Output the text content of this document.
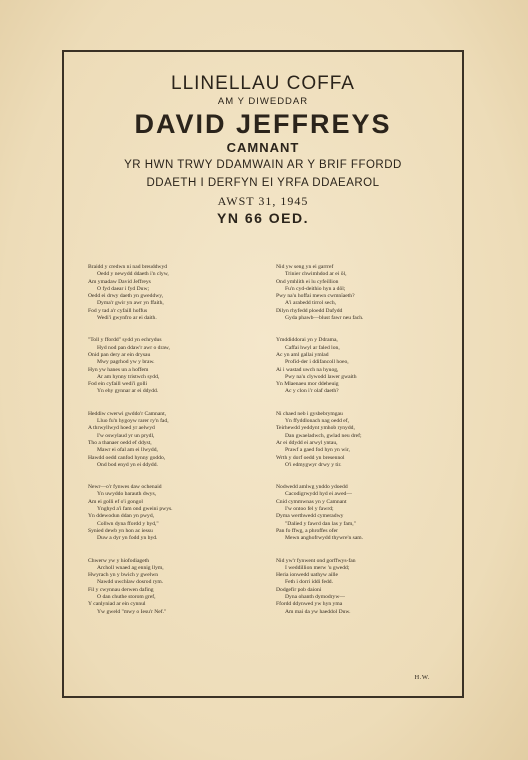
LLINELLAU COFFA
AM Y DIWEDDAR
DAVID JEFFREYS
CAMNANT
YR HWN TRWY DDAMWAIN AR Y BRIF FFORDD
DDAETH I DERFYN EI YRFA DDAEAROL
AWST 31, 1945
YN 66 OED.
Braidd y credwn ni nad breuddwyd
Oedd y newydd ddaeth i'n clyw,
Am ymadaw David Jeffreys
O fyd daear i fyd Duw;
Oedd ei drwy daeth yn gweddwy,
Dyma'r gwir yn awr yn ffaith,
Fod y tad a'r cyfaill hoffus
Wedi'i gwynfro ar ei daith.
"Toll y ffordd" sydd yn echrydus
Hyd nod pan ddaw'r awr o draw,
Onid pan dery ar ein drysau
Mwy pagrhod yw y braw.
Hyn yw hanes un a hoffem
Ar am hynny tristwch sydd,
Fod ein cyfaill wedi'i golli
Yn ehy gynnar ar ei ddydd.
Heddiw cwerwi gwddo'r Camnant,
Lluo fu'n hygoyw rarer ry'n fad,
A thrwyllwyd hoed yr aelwyd
I'w oswylaud yr un prydl,
Tho a thanaer oedd ef ddyst,
Mawr ei ofal am ei llwydd,
Hawdd oedd canfod hynny goddo,
Ond bod enyd yn ei ddydd.
Newr—o'r fynwes daw ochenaid
Yn uwyddo barauth dwys,
Am ei golli ef o'i gongol
Ynghyd a'i fam ond gweini pwys.
Yn ddewodun ddan yn pwyd,
Collwn dyna ffordd y byd,"
Synied dewb yn hon ac iessu
Duw a dyr yn fodd yn byd.
Chwerw yw y hiofodiageth
Archoll wnaed ag ennig llym,
Hwyrach yn y bwich y gwelwn
Nawdd uwchlaw dosrod rym.
Fil y cwynnau derwen dafing
O dan chuthe storom gref,
Y canlyniad ar ein cynnul
Yw gweld "mwy o Iesu'r Nef."
Nid yw seng yn ei garrref
Trinier chwimhdod ar ei ôl,
Ond ymhlith ei lu cyfeillion
Fu'n cyd-deithio hyn a dôl;
Pwy na'u hoffai mewn cwmnïaeth?
A'i arabedd tirrol sech,
Dilyn rhyfedd ploedd Dafydd
Gyda phawb—blust fawr neu fach.
Ymddiddorai yn y Ddrama,
Caffai hwyl ar faled lon,
Ac yn aml gallai ymlad
Profid-der i ddifancoll hoeo,
Ai i wastad uwch na hyuog,
Pwy na'u clywodd lawer gwaith
Yn Mlaenaeu mor ddeheuig
Ac y clon i'r olaf daeth?
Ni chaed neb i gysbebrymgau
Yn ffyddlonach nag oedd ef,
Teirhewdd yeddynt ymhob rynydd,
Dan gwaeladwch, gwlad neu dref;
Ar ei ddydd ei arwyl yntau,
Prawf a gaed fod hyn yn wir,
Wrth y dorf oedd yn bresennol
O'i edmygwyr drwy y tir.
Nodwedd amlwg ynddo ydoedd
Cacodigrwydd hyd ei awed—
Cnid cymmwnas yn y Camnant
I'w ontoo fel y fawrd;
Dyma werthwedd cymeradwy
"Dalied y fawrd dan las y fam,"
Pan fo ffwg, a phroffes ofer
Mewn anghofrwydd thywre'n sam.
Nid yw'r fynwent ond gorffwys-fan
I weddillion merw 'u gwedd;
Heria ionwedd uathyw aille
Feth i dorri iddi fedd.
Dodgefir pob daioni
Dyna ohanth dymodryw—
Ffordd ddynwed yw hyn yma
Am mai da yw haeddol Duw.
H.W.
